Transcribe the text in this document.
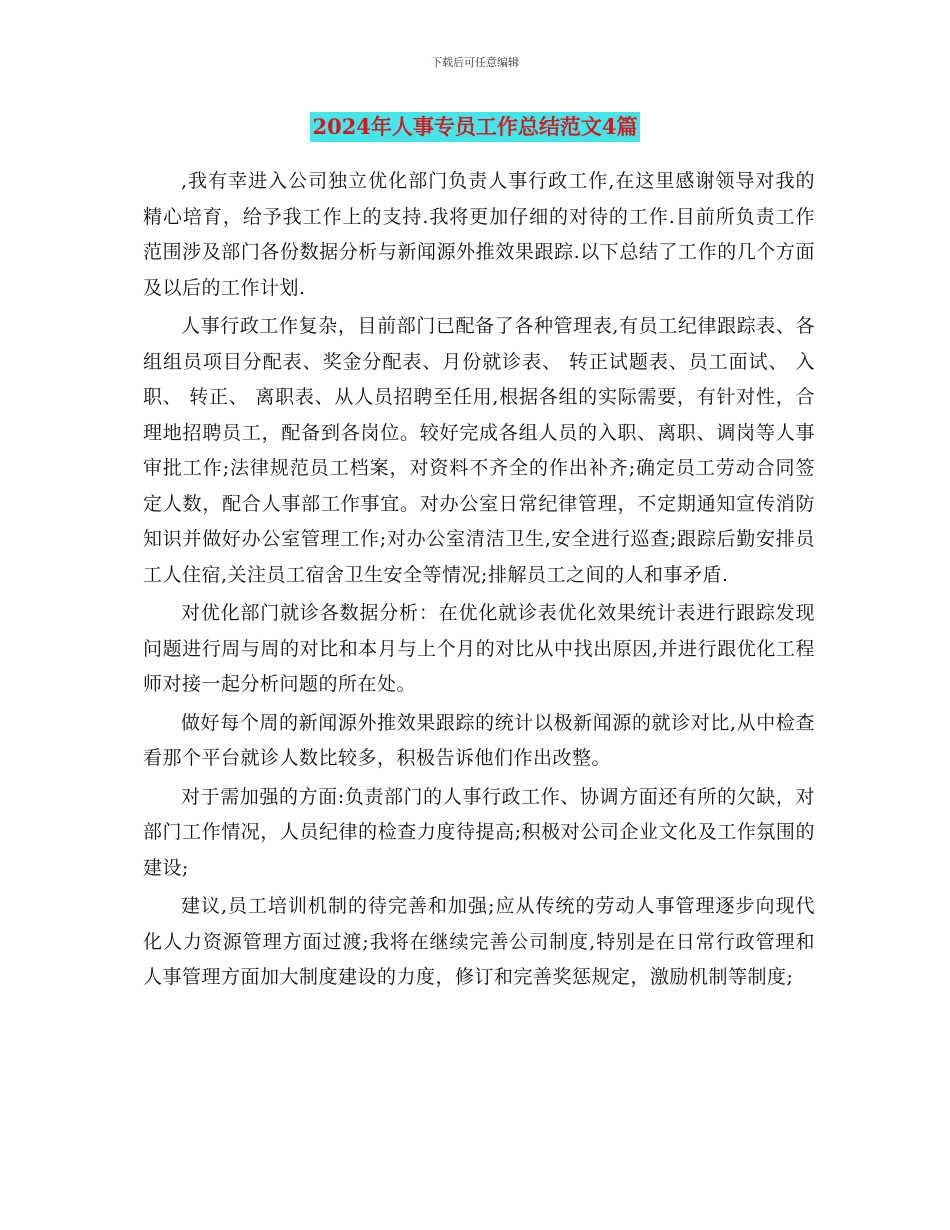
下载后可任意编辑
2024年人事专员工作总结范文4篇

,我有幸进入公司独立优化部门负责人事行政工作,在这里感谢领导对我的精心培育，给予我工作上的支持.我将更加仔细的对待的工作.目前所负责工作范围涉及部门各份数据分析与新闻源外推效果跟踪.以下总结了工作的几个方面及以后的工作计划.

人事行政工作复杂，目前部门已配备了各种管理表,有员工纪律跟踪表、各组组员项目分配表、奖金分配表、月份就诊表、 转正试题表、员工面试、 入职、 转正、 离职表、从人员招聘至任用,根据各组的实际需要，有针对性，合理地招聘员工，配备到各岗位。较好完成各组人员的入职、离职、调岗等人事审批工作;法律规范员工档案，对资料不齐全的作出补齐;确定员工劳动合同签定人数，配合人事部工作事宜。对办公室日常纪律管理，不定期通知宣传消防知识并做好办公室管理工作;对办公室清洁卫生,安全进行巡查;跟踪后勤安排员工人住宿,关注员工宿舍卫生安全等情况;排解员工之间的人和事矛盾.

对优化部门就诊各数据分析：在优化就诊表优化效果统计表进行跟踪发现问题进行周与周的对比和本月与上个月的对比从中找出原因,并进行跟优化工程师对接一起分析问题的所在处。

做好每个周的新闻源外推效果跟踪的统计以极新闻源的就诊对比,从中检查看那个平台就诊人数比较多，积极告诉他们作出改整。

对于需加强的方面:负责部门的人事行政工作、协调方面还有所的欠缺，对部门工作情况，人员纪律的检查力度待提高;积极对公司企业文化及工作氛围的建设;

建议,员工培训机制的待完善和加强;应从传统的劳动人事管理逐步向现代化人力资源管理方面过渡;我将在继续完善公司制度,特别是在日常行政管理和人事管理方面加大制度建设的力度，修订和完善奖惩规定，激励机制等制度;
